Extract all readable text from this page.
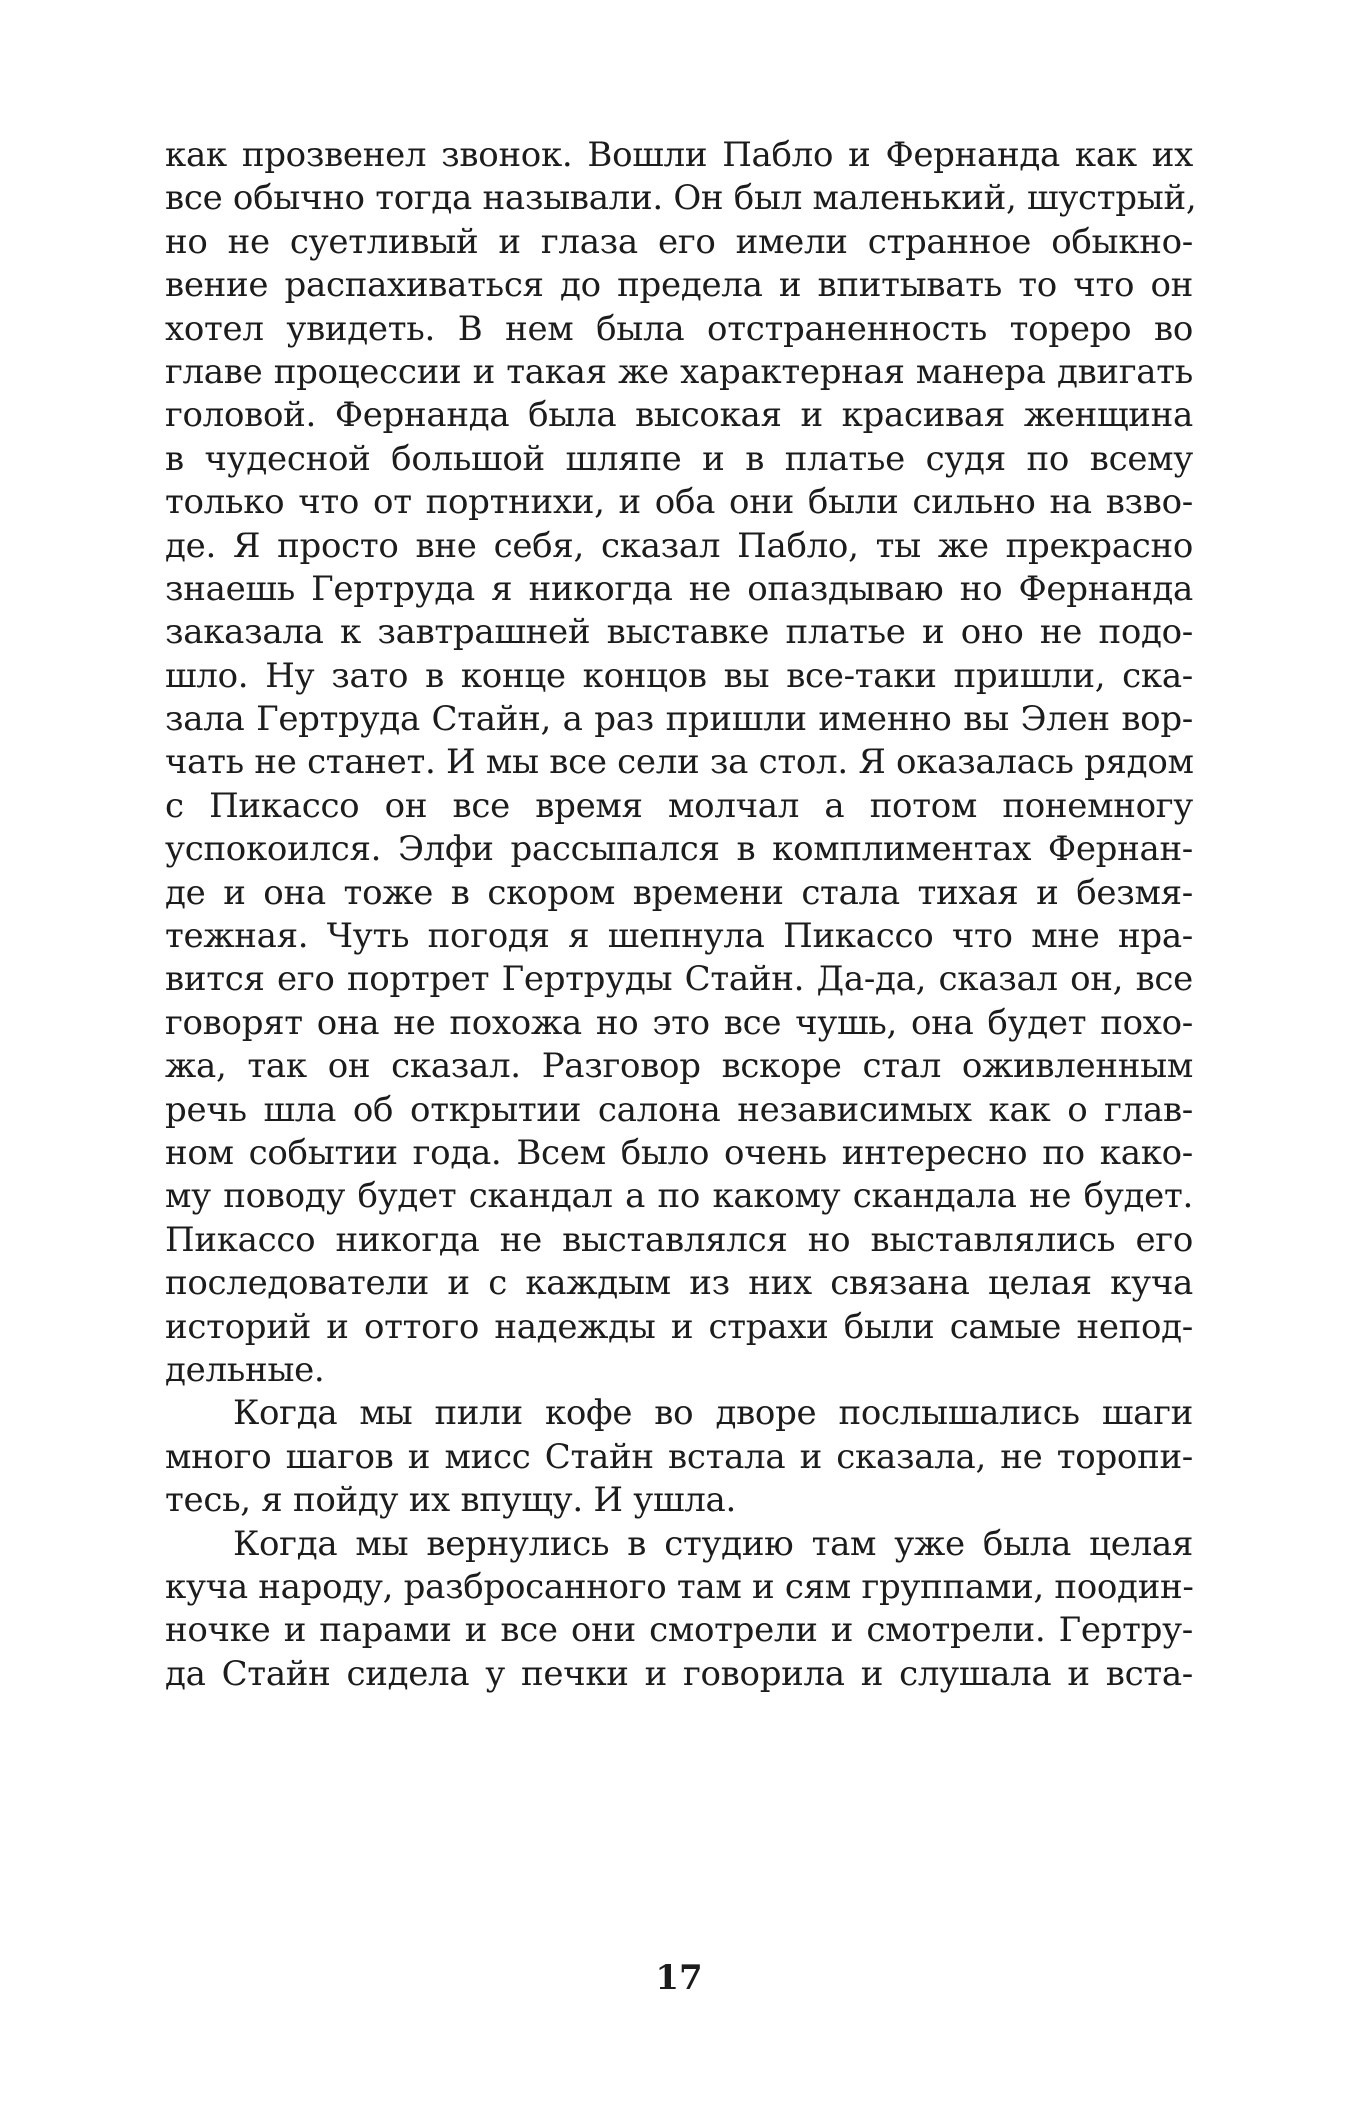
как прозвенел звонок. Вошли Пабло и Фернанда как их
все обычно тогда называли. Он был маленький, шустрый,
но не суетливый и глаза его имели странное обыкно-
вение распахиваться до предела и впитывать то что он
хотел увидеть. В нем была отстраненность тореро во
главе процессии и такая же характерная манера двигать
головой. Фернанда была высокая и красивая женщина
в чудесной большой шляпе и в платье судя по всему
только что от портнихи, и оба они были сильно на взво-
де. Я просто вне себя, сказал Пабло, ты же прекрасно
знаешь Гертруда я никогда не опаздываю но Фернанда
заказала к завтрашней выставке платье и оно не подо-
шло. Ну зато в конце концов вы все-таки пришли, ска-
зала Гертруда Стайн, а раз пришли именно вы Элен вор-
чать не станет. И мы все сели за стол. Я оказалась рядом
с Пикассо он все время молчал а потом понемногу
успокоился. Элфи рассыпался в комплиментах Фернан-
де и она тоже в скором времени стала тихая и безмя-
тежная. Чуть погодя я шепнула Пикассо что мне нра-
вится его портрет Гертруды Стайн. Да-да, сказал он, все
говорят она не похожа но это все чушь, она будет похо-
жа, так он сказал. Разговор вскоре стал оживленным
речь шла об открытии салона независимых как о глав-
ном событии года. Всем было очень интересно по како-
му поводу будет скандал а по какому скандала не будет.
Пикассо никогда не выставлялся но выставлялись его
последователи и с каждым из них связана целая куча
историй и оттого надежды и страхи были самые непод-
дельные.
Когда мы пили кофе во дворе послышались шаги
много шагов и мисс Стайн встала и сказала, не торопи-
тесь, я пойду их впущу. И ушла.
Когда мы вернулись в студию там уже была целая
куча народу, разбросанного там и сям группами, поодин-
ночке и парами и все они смотрели и смотрели. Гертру-
да Стайн сидела у печки и говорила и слушала и вста-
17
